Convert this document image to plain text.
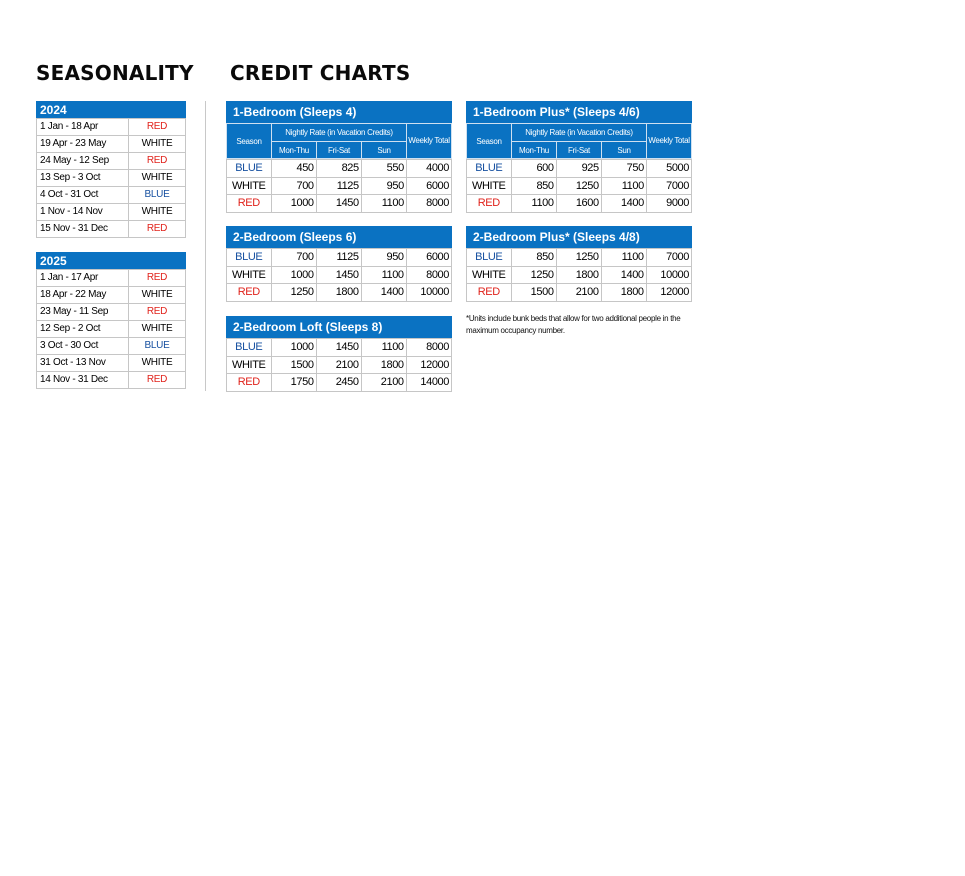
SEASONALITY CREDIT CHARTS
2024
1 Jan - 18 Apr	RED
19 Apr - 23 May	WHITE
24 May - 12 Sep	RED
13 Sep - 3 Oct	WHITE
4 Oct - 31 Oct	BLUE
1 Nov - 14 Nov	WHITE
15 Nov - 31 Dec	RED
2025
1 Jan - 17 Apr	RED
18 Apr - 22 May	WHITE
23 May - 11 Sep	RED
12 Sep - 2 Oct	WHITE
3 Oct - 30 Oct	BLUE
31 Oct - 13 Nov	WHITE
14 Nov - 31 Dec	RED
1-Bedroom (Sleeps 4)
Season	Nightly Rate (in Vacation Credits)			Weekly Total
	Mon-Thu	Fri-Sat	Sun	
BLUE	450	825	550	4000
WHITE	700	1125	950	6000
RED	1000	1450	1100	8000
1-Bedroom Plus* (Sleeps 4/6)
Season	Nightly Rate (in Vacation Credits)			Weekly Total
	Mon-Thu	Fri-Sat	Sun	
BLUE	600	925	750	5000
WHITE	850	1250	1100	7000
RED	1100	1600	1400	9000
2-Bedroom (Sleeps 6)
BLUE	700	1125	950	6000
WHITE	1000	1450	1100	8000
RED	1250	1800	1400	10000
2-Bedroom Plus* (Sleeps 4/8)
BLUE	850	1250	1100	7000
WHITE	1250	1800	1400	10000
RED	1500	2100	1800	12000
2-Bedroom Loft (Sleeps 8)
BLUE	1000	1450	1100	8000
WHITE	1500	2100	1800	12000
RED	1750	2450	2100	14000
*Units include bunk beds that allow for two additional people in the maximum occupancy number.
